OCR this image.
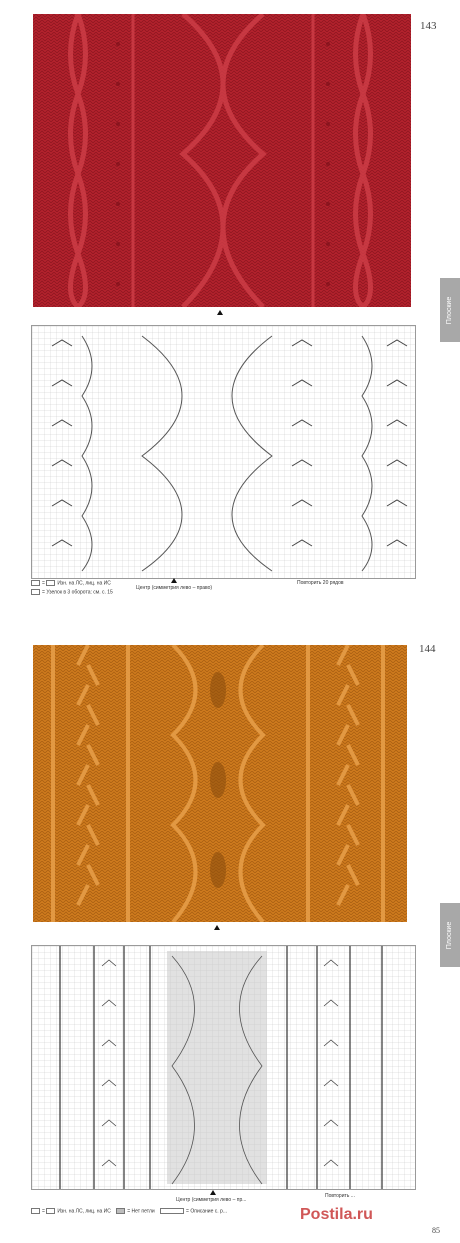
143
Плоские
= Изн. на ЛС, лиц. на ИС
= Узелок в 3 оборота: см. с. 15
Центр (симметрия лево – право)
Повторить 20 рядов
144
Плоские
= Изн. на ЛС, лиц. на ИС	= Нет петли	= Описание с. р...
Центр (симметрия лево – пр...
Повторить ...
Postila.ru
85
